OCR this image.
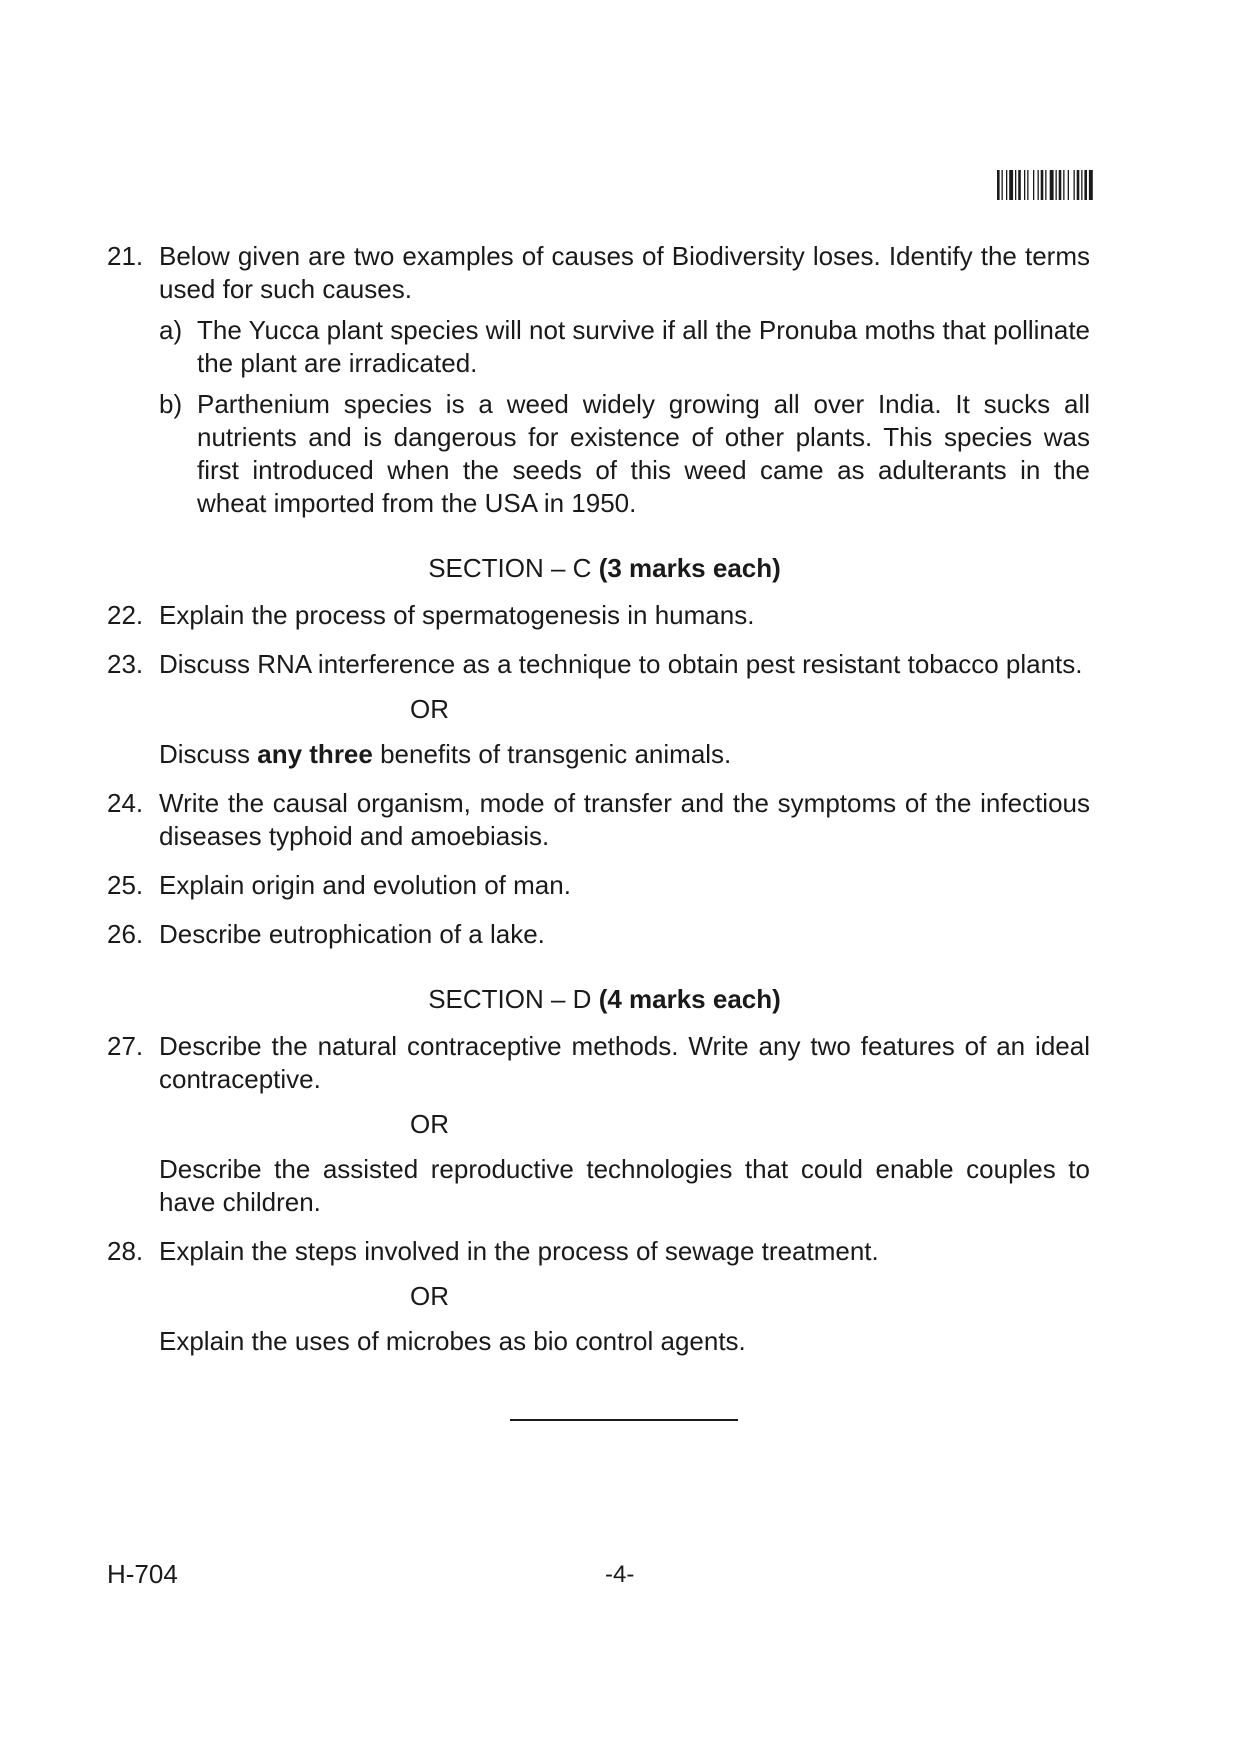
21. Below given are two examples of causes of Biodiversity loses. Identify the terms used for such causes.
a) The Yucca plant species will not survive if all the Pronuba moths that pollinate the plant are irradicated.
b) Parthenium species is a weed widely growing all over India. It sucks all nutrients and is dangerous for existence of other plants. This species was first introduced when the seeds of this weed came as adulterants in the wheat imported from the USA in 1950.
SECTION – C (3 marks each)
22. Explain the process of spermatogenesis in humans.
23. Discuss RNA interference as a technique to obtain pest resistant tobacco plants.
OR
Discuss any three benefits of transgenic animals.
24. Write the causal organism, mode of transfer and the symptoms of the infectious diseases typhoid and amoebiasis.
25. Explain origin and evolution of man.
26. Describe eutrophication of a lake.
SECTION – D (4 marks each)
27. Describe the natural contraceptive methods. Write any two features of an ideal contraceptive.
OR
Describe the assisted reproductive technologies that could enable couples to have children.
28. Explain the steps involved in the process of sewage treatment.
OR
Explain the uses of microbes as bio control agents.
H-704	-4-
